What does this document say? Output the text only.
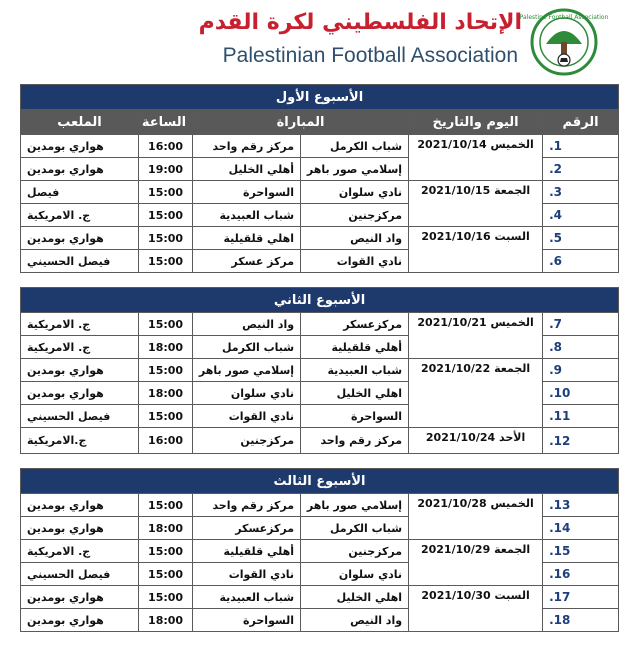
الإتحاد الفلسطيني لكرة القدم
Palestinian Football Association
Palestine Football Association
الأسبوع الأول					
الرقم	اليوم والتاريخ	المباراة		الساعة	الملعب
1.	الخميس 2021/10/14	شباب الكرمل	مركز رقم واحد	16:00	هواري بومدين
2.		إسلامي صور باهر	أهلي الخليل	19:00	هواري بومدين
3.	الجمعة 2021/10/15	نادي سلوان	السواحرة	15:00	فيصل
4.		مركزجنين	شباب العبيدية	15:00	ج. الامريكية
5.	السبت 2021/10/16	واد النيص	اهلي قلقيلية	15:00	هواري بومدين
6.		نادي القوات	مركز عسكر	15:00	فيصل الحسيني

الأسبوع الثاني					
7.	الخميس 2021/10/21	مركزعسكر	واد النيص	15:00	ج. الامريكية
8.		أهلي قلقيلية	شباب الكرمل	18:00	ج. الامريكية
9.	الجمعة 2021/10/22	شباب العبيدية	إسلامي صور باهر	15:00	هواري بومدين
10.		اهلي الخليل	نادي سلوان	18:00	هواري بومدين
11.		السواحرة	نادي القوات	15:00	فيصل الحسيني
12.	الأحد 2021/10/24	مركز رقم واحد	مركزجنين	16:00	ج.الامريكية

الأسبوع الثالث					
13.	الخميس 2021/10/28	إسلامي صور باهر	مركز رقم واحد	15:00	هواري بومدين
14.		شباب الكرمل	مركزعسكر	18:00	هواري بومدين
15.	الجمعة 2021/10/29	مركزجنين	أهلي قلقيلية	15:00	ج. الامريكية
16.		نادي سلوان	نادي القوات	15:00	فيصل الحسيني
17.	السبت 2021/10/30	اهلي الخليل	شباب العبيدية	15:00	هواري بومدين
18.		واد النيص	السواحرة	18:00	هواري بومدين
